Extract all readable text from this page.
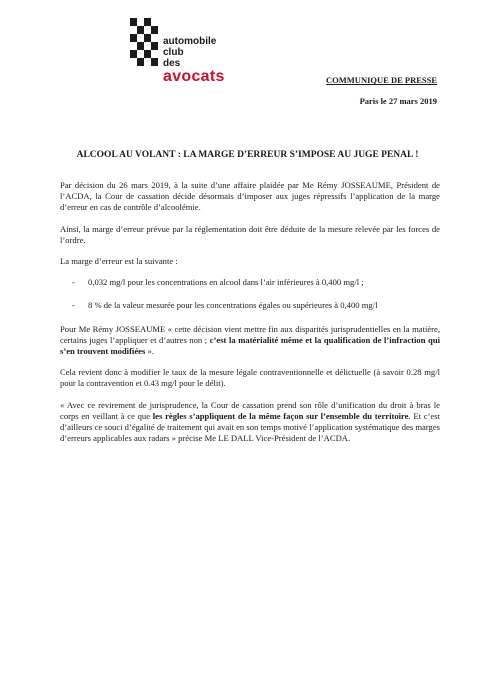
automobile
club
des
avocats	COMMUNIQUE DE PRESSE
Paris le 27 mars 2019
ALCOOL AU VOLANT : LA MARGE D’ERREUR S’IMPOSE AU JUGE PENAL !

Par décision du 26 mars 2019, à la suite d’une affaire plaidée par Me Rémy JOSSEAUME, Président de l’ACDA, la Cour de cassation décide désormais d’imposer aux juges répressifs l’application de la marge d’erreur en cas de contrôle d’alcoolémie.

Ainsi, la marge d’erreur prévue par la réglementation doit être déduite de la mesure relevée par les forces de l’ordre.

La marge d’erreur est la suivante :

- 0,032 mg/l pour les concentrations en alcool dans l’air inférieures à 0,400 mg/l ;
- 8 % de la valeur mesurée pour les concentrations égales ou supérieures à 0,400 mg/l

Pour Me Rémy JOSSEAUME « cette décision vient mettre fin aux disparités jurisprudentielles en la matière, certains juges l’appliquer et d’autres non ; c’est la matérialité même et la qualification de l’infraction qui s’en trouvent modifiées ».

Cela revient donc à modifier le taux de la mesure légale contraventionnelle et délictuelle (à savoir 0.28 mg/l pour la contravention et 0.43 mg/l pour le délit).

« Avec ce revirement de jurisprudence, la Cour de cassation prend son rôle d’unification du droit à bras le corps en veillant à ce que les règles s’appliquent de la même façon sur l’ensemble du territoire. Et c’est d’ailleurs ce souci d’égalité de traitement qui avait en son temps motivé l’application systématique des marges d’erreurs applicables aux radars » précise Me LE DALL Vice-Président de l’ACDA.
